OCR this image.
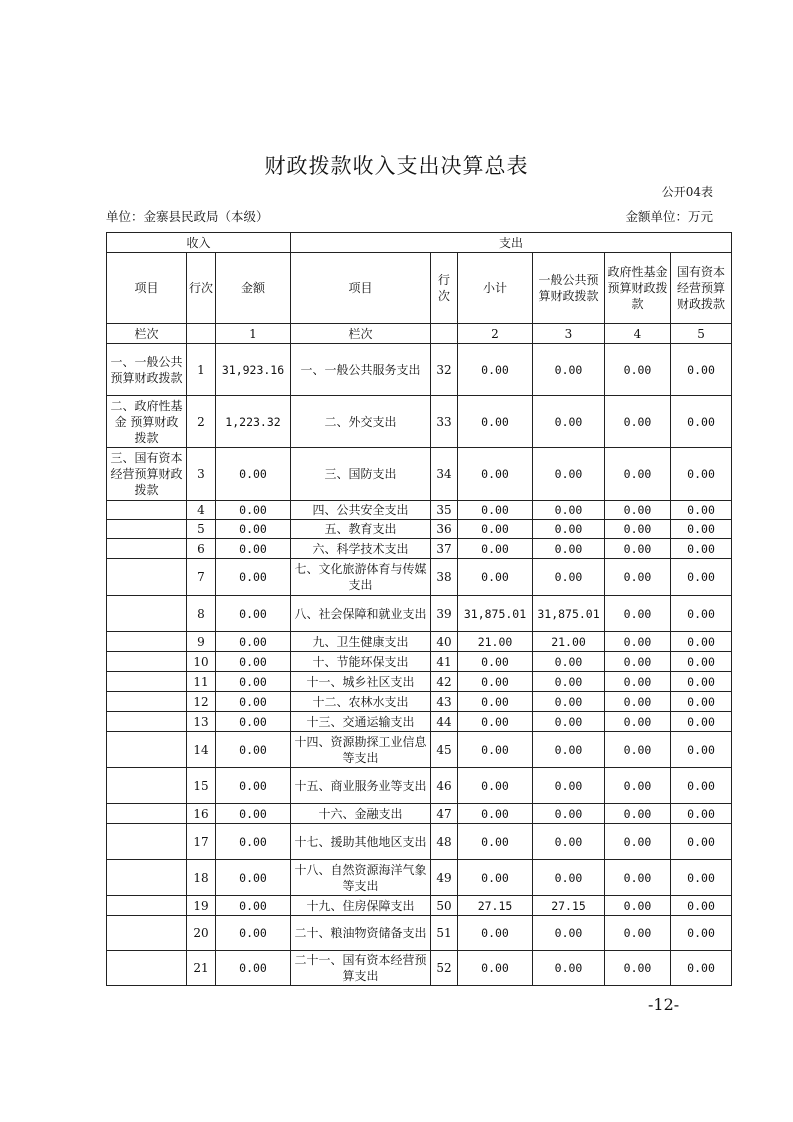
财政拨款收入支出决算总表
公开04表
单位：金寨县民政局（本级）	金额单位：万元
收入			支出					
项目	行次	金额	项目	行次	小计	一般公共预算财政拨款	政府性基金预算财政拨款	国有资本经营预算财政拨款
栏次		1	栏次		2	3	4	5
一、一般公共预算财政拨款	1	31,923.16	一、一般公共服务支出	32	0.00	0.00	0.00	0.00
二、政府性基金 预算财政拨款	2	1,223.32	二、外交支出	33	0.00	0.00	0.00	0.00
三、国有资本经营预算财政拨款	3	0.00	三、国防支出	34	0.00	0.00	0.00	0.00
	4	0.00	四、公共安全支出	35	0.00	0.00	0.00	0.00
	5	0.00	五、教育支出	36	0.00	0.00	0.00	0.00
	6	0.00	六、科学技术支出	37	0.00	0.00	0.00	0.00
	7	0.00	七、文化旅游体育与传媒支出	38	0.00	0.00	0.00	0.00
	8	0.00	八、社会保障和就业支出	39	31,875.01	31,875.01	0.00	0.00
	9	0.00	九、卫生健康支出	40	21.00	21.00	0.00	0.00
	10	0.00	十、节能环保支出	41	0.00	0.00	0.00	0.00
	11	0.00	十一、城乡社区支出	42	0.00	0.00	0.00	0.00
	12	0.00	十二、农林水支出	43	0.00	0.00	0.00	0.00
	13	0.00	十三、交通运输支出	44	0.00	0.00	0.00	0.00
	14	0.00	十四、资源勘探工业信息等支出	45	0.00	0.00	0.00	0.00
	15	0.00	十五、商业服务业等支出	46	0.00	0.00	0.00	0.00
	16	0.00	十六、金融支出	47	0.00	0.00	0.00	0.00
	17	0.00	十七、援助其他地区支出	48	0.00	0.00	0.00	0.00
	18	0.00	十八、自然资源海洋气象等支出	49	0.00	0.00	0.00	0.00
	19	0.00	十九、住房保障支出	50	27.15	27.15	0.00	0.00
	20	0.00	二十、粮油物资储备支出	51	0.00	0.00	0.00	0.00
	21	0.00	二十一、国有资本经营预算支出	52	0.00	0.00	0.00	0.00
-12-
